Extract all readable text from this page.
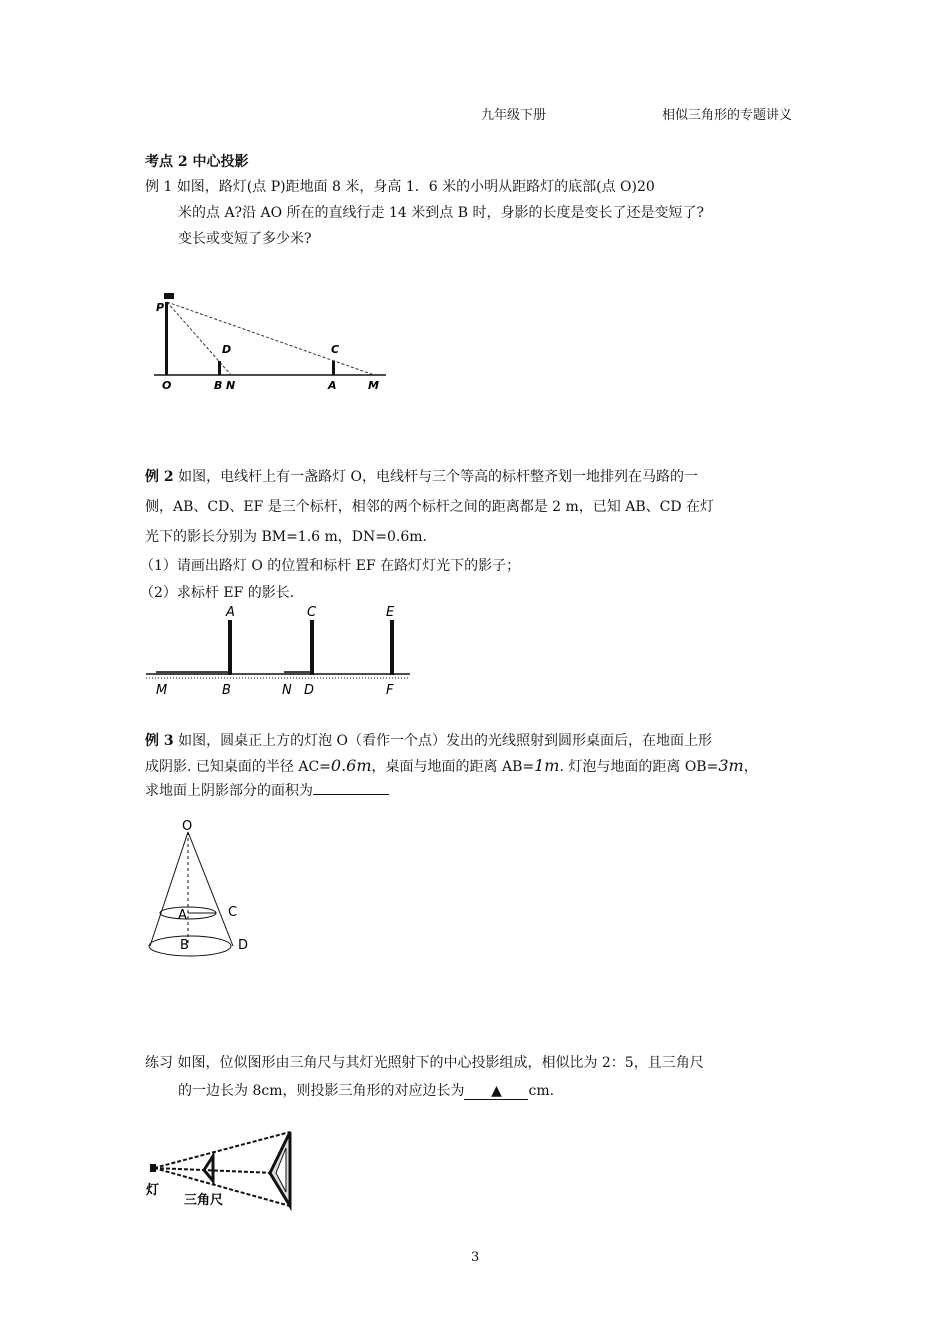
九年级下册	相似三角形的专题讲义
考点 2 中心投影
例 1 如图，路灯(点 P)距地面 8 米，身高 1．6 米的小明从距路灯的底部(点 O)20
米的点 A?沿 AO 所在的直线行走 14 米到点 B 时，身影的长度是变长了还是变短了?
变长或变短了多少米?
P
D	C
O	B N	A	M
例 2 如图，电线杆上有一盏路灯 O，电线杆与三个等高的标杆整齐划一地排列在马路的一
侧，AB、CD、EF 是三个标杆，相邻的两个标杆之间的距离都是 2 m，已知 AB、CD 在灯
光下的影长分别为 BM=1.6 m，DN=0.6m．
（1）请画出路灯 O 的位置和标杆 EF 在路灯灯光下的影子；
（2）求标杆 EF 的影长．
A	C	E
M	B	N D	F
例 3 如图，圆桌正上方的灯泡 O（看作一个点）发出的光线照射到圆形桌面后，在地面上形
成阴影. 已知桌面的半径 AC=0.6m，桌面与地面的距离 AB=1m. 灯泡与地面的距离 OB=3m，
求地面上阴影部分的面积为
O
A	C
B	D
练习 如图，位似图形由三角尺与其灯光照射下的中心投影组成，相似比为 2：5，且三角尺
的一边长为 8cm，则投影三角形的对应边长为 ▲ cm.
灯
三角尺
3
